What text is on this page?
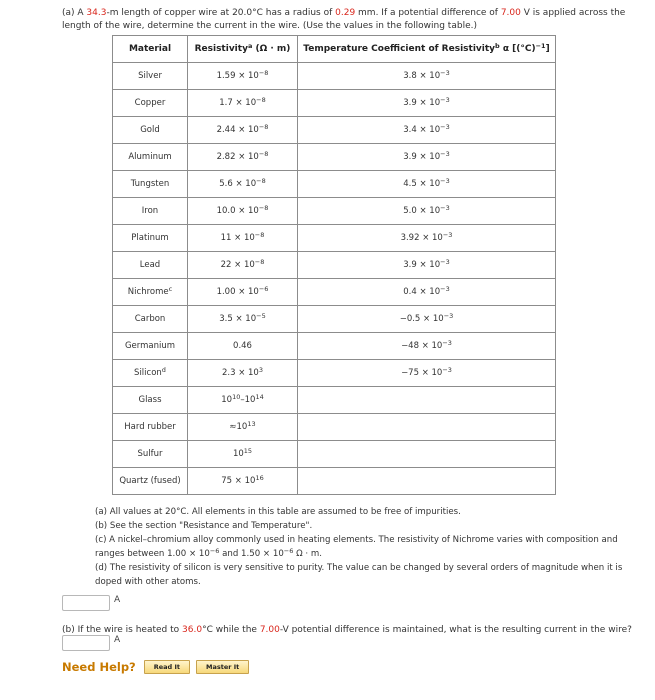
(a) A 34.3-m length of copper wire at 20.0°C has a radius of 0.29 mm. If a potential difference of 7.00 V is applied across the length of the wire, determine the current in the wire. (Use the values in the following table.)
Material	Resistivity$^a$ (Ω · m)	Temperature Coefficient of Resistivity$^b$ α $[(^\circ C)^{-1}]$
Silver	$1.59 \times 10^{-8}$	$3.8 \times 10^{-3}$
Copper	$1.7 \times 10^{-8}$	$3.9 \times 10^{-3}$
Gold	$2.44 \times 10^{-8}$	$3.4 \times 10^{-3}$
Aluminum	$2.82 \times 10^{-8}$	$3.9 \times 10^{-3}$
Tungsten	$5.6 \times 10^{-8}$	$4.5 \times 10^{-3}$
Iron	$10.0 \times 10^{-8}$	$5.0 \times 10^{-3}$
Platinum	$11 \times 10^{-8}$	$3.92 \times 10^{-3}$
Lead	$22 \times 10^{-8}$	$3.9 \times 10^{-3}$
Nichrome$^c$	$1.00 \times 10^{-6}$	$0.4 \times 10^{-3}$
Carbon	$3.5 \times 10^{-5}$	$-0.5 \times 10^{-3}$
Germanium	0.46	$-48 \times 10^{-3}$
Silicon$^d$	$2.3 \times 10^3$	$-75 \times 10^{-3}$
Glass	$10^{10}-10^{14}$	
Hard rubber	$\approx 10^{13}$	
Sulfur	$10^{15}$	
Quartz (fused)	$75 \times 10^{16}$	
(a) All values at 20°C. All elements in this table are assumed to be free of impurities.
(b) See the section "Resistance and Temperature".
(c) A nickel–chromium alloy commonly used in heating elements. The resistivity of Nichrome varies with composition and ranges between $1.00 \times 10^{-6}$ and $1.50 \times 10^{-6}$ Ω · m.
(d) The resistivity of silicon is very sensitive to purity. The value can be changed by several orders of magnitude when it is doped with other atoms.
A
(b) If the wire is heated to 36.0°C while the 7.00-V potential difference is maintained, what is the resulting current in the wire?
A
Need Help?	Read It	Master It
